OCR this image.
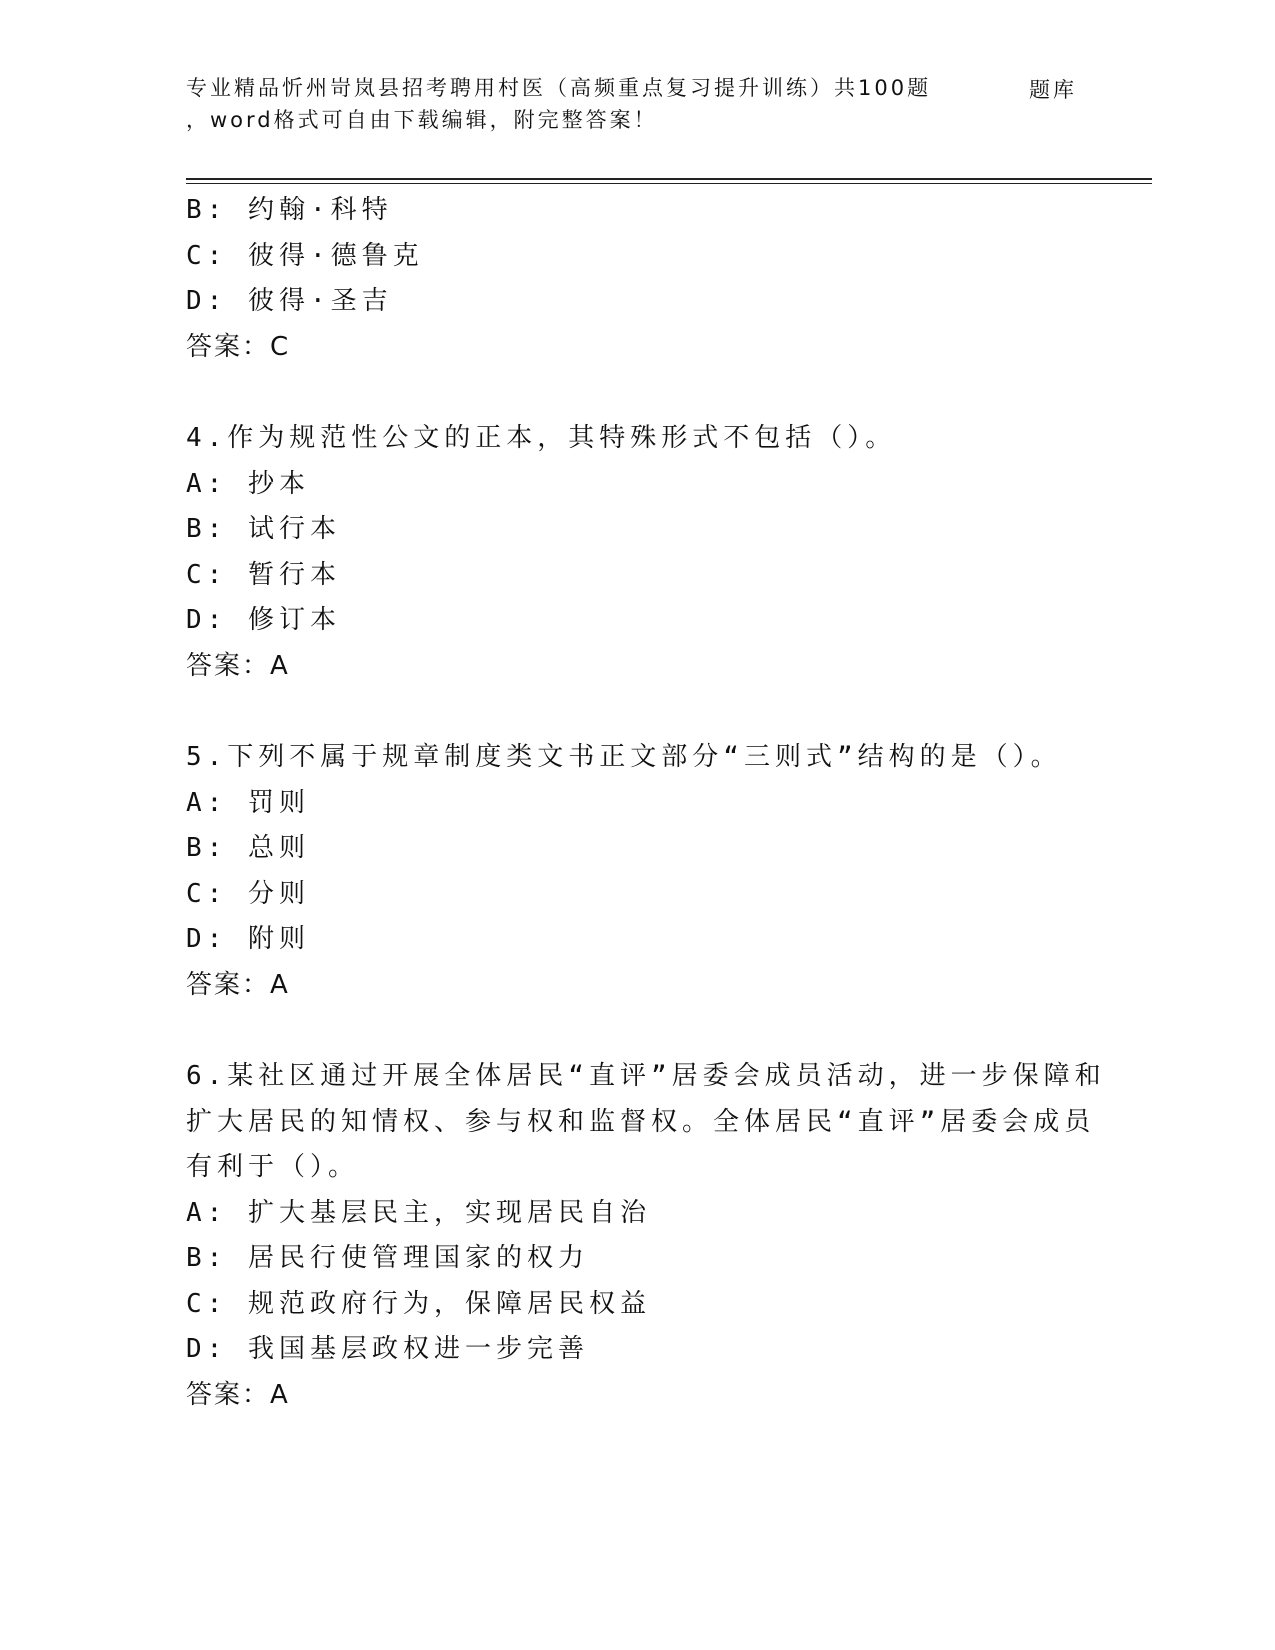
专业精品忻州岢岚县招考聘用村医（高频重点复习提升训练）共100题
，word格式可自由下载编辑，附完整答案！
题库
B: 约翰·科特
C: 彼得·德鲁克
D: 彼得·圣吉
答案：C
4.作为规范性公文的正本，其特殊形式不包括（）。
A: 抄本
B: 试行本
C: 暂行本
D: 修订本
答案：A
5.下列不属于规章制度类文书正文部分“三则式”结构的是（）。
A: 罚则
B: 总则
C: 分则
D: 附则
答案：A
6.某社区通过开展全体居民“直评”居委会成员活动，进一步保障和
扩大居民的知情权、参与权和监督权。全体居民“直评”居委会成员
有利于（）。
A: 扩大基层民主，实现居民自治
B: 居民行使管理国家的权力
C: 规范政府行为，保障居民权益
D: 我国基层政权进一步完善
答案：A
